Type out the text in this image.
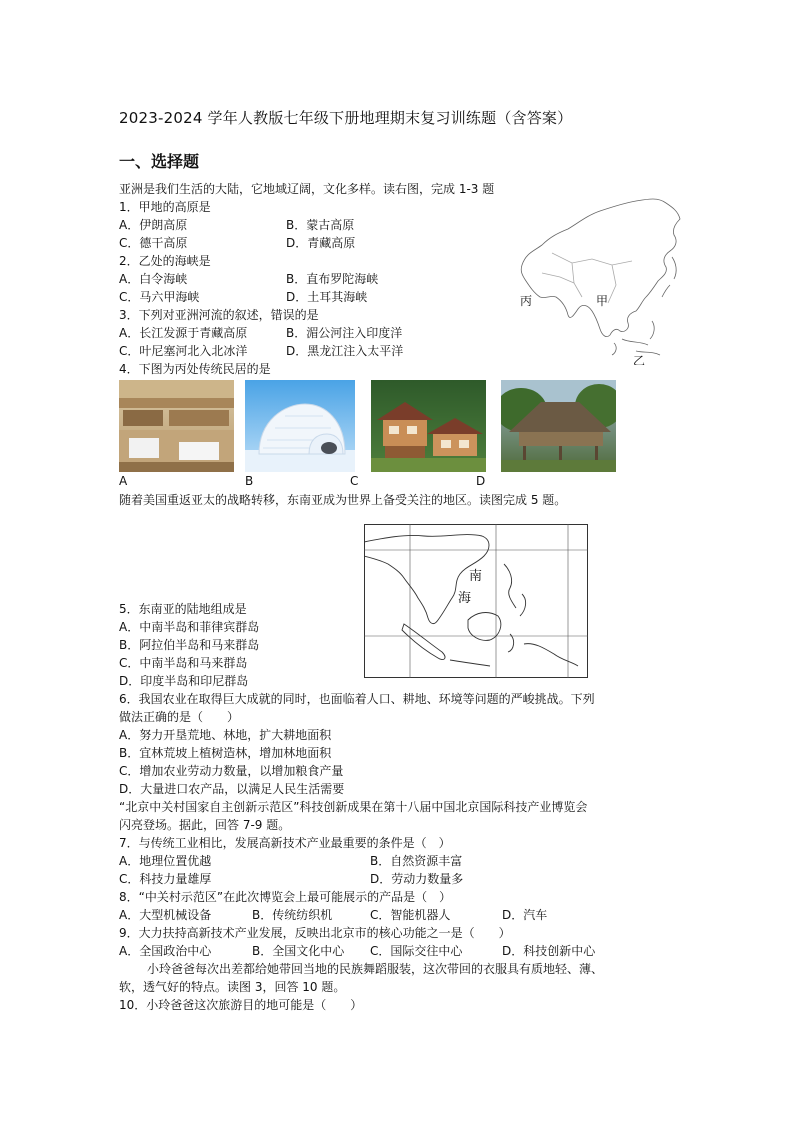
2023-2024 学年人教版七年级下册地理期末复习训练题（含答案）
一、选择题
亚洲是我们生活的大陆，它地域辽阔，文化多样。读右图，完成 1-3 题
1．甲地的高原是
A．伊朗高原	B．蒙古高原
C．德干高原	D．青藏高原
2．乙处的海峡是
A．白令海峡	B．直布罗陀海峡
C．马六甲海峡	D．土耳其海峡
3．下列对亚洲河流的叙述，错误的是
A．长江发源于青藏高原	B．湄公河注入印度洋
C．叶尼塞河北入北冰洋	D．黑龙江注入太平洋
4．下图为丙处传统民居的是
甲
丙
乙
A	B	C	D
随着美国重返亚太的战略转移，东南亚成为世界上备受关注的地区。读图完成 5 题。
南
海
5．东南亚的陆地组成是
A．中南半岛和菲律宾群岛
B．阿拉伯半岛和马来群岛
C．中南半岛和马来群岛
D．印度半岛和印尼群岛
6．我国农业在取得巨大成就的同时，也面临着人口、耕地、环境等问题的严峻挑战。下列
做法正确的是（　　）
A．努力开垦荒地、林地，扩大耕地面积
B．宜林荒坡上植树造林，增加林地面积
C．增加农业劳动力数量，以增加粮食产量
D．大量进口农产品，以满足人民生活需要
“北京中关村国家自主创新示范区”科技创新成果在第十八届中国北京国际科技产业博览会
闪亮登场。据此，回答 7-9 题。
7．与传统工业相比，发展高新技术产业最重要的条件是（　）
A．地理位置优越	B．自然资源丰富
C．科技力量雄厚	D．劳动力数量多
8．“中关村示范区”在此次博览会上最可能展示的产品是（　）
A．大型机械设备	B．传统纺织机	C．智能机器人	D．汽车
9．大力扶持高新技术产业发展，反映出北京市的核心功能之一是（　　）
A．全国政治中心	B．全国文化中心 C．国际交往中心	D．科技创新中心
小玲爸爸每次出差都给她带回当地的民族舞蹈服装，这次带回的衣服具有质地轻、薄、
软，透气好的特点。读图 3，回答 10 题。
10．小玲爸爸这次旅游目的地可能是（　　）
